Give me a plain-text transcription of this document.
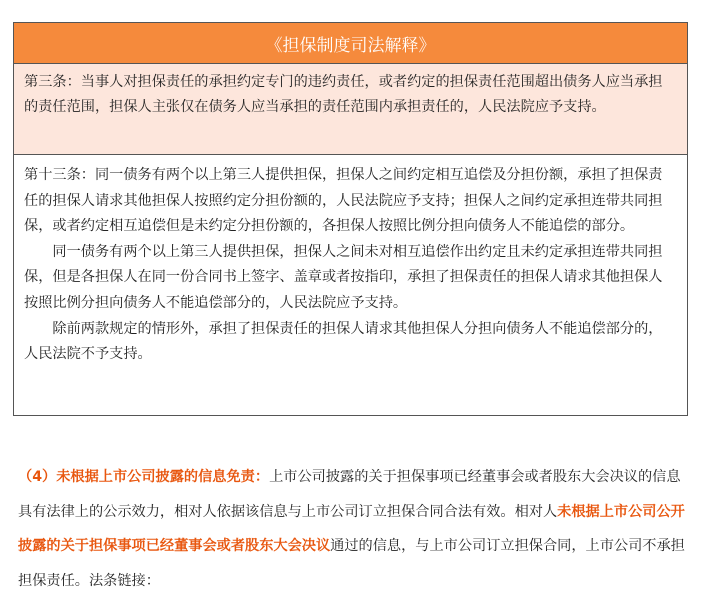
《担保制度司法解释》
第三条：当事人对担保责任的承担约定专门的违约责任，或者约定的担保责任范围超出债务人应当承担的责任范围，担保人主张仅在债务人应当承担的责任范围内承担责任的，人民法院应予支持。

第十三条：同一债务有两个以上第三人提供担保，担保人之间约定相互追偿及分担份额，承担了担保责任的担保人请求其他担保人按照约定分担份额的，人民法院应予支持；担保人之间约定承担连带共同担保，或者约定相互追偿但是未约定分担份额的，各担保人按照比例分担向债务人不能追偿的部分。

同一债务有两个以上第三人提供担保，担保人之间未对相互追偿作出约定且未约定承担连带共同担保，但是各担保人在同一份合同书上签字、盖章或者按指印，承担了担保责任的担保人请求其他担保人按照比例分担向债务人不能追偿部分的，人民法院应予支持。

除前两款规定的情形外，承担了担保责任的担保人请求其他担保人分担向债务人不能追偿部分的，人民法院不予支持。

（4）未根据上市公司披露的信息免责：上市公司披露的关于担保事项已经董事会或者股东大会决议的信息具有法律上的公示效力，相对人依据该信息与上市公司订立担保合同合法有效。相对人未根据上市公司公开披露的关于担保事项已经董事会或者股东大会决议通过的信息，与上市公司订立担保合同，上市公司不承担担保责任。法条链接：
